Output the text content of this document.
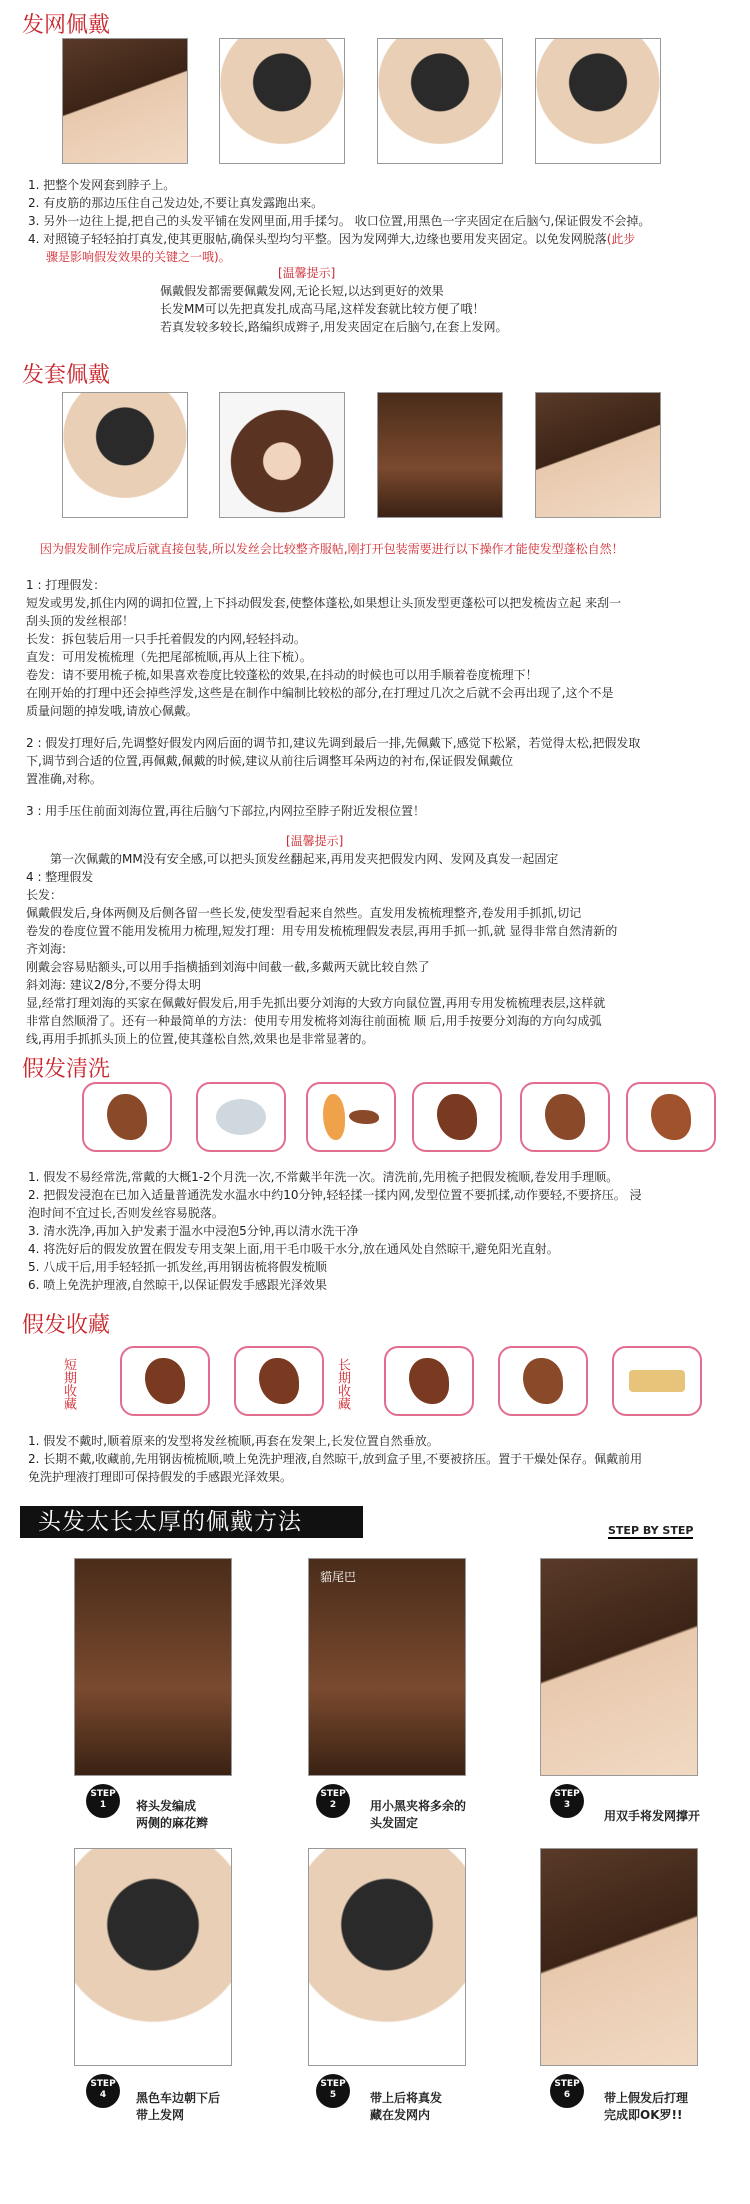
发网佩戴
1. 把整个发网套到脖子上。
2. 有皮筋的那边压住自己发边处,不要让真发露跑出来。
3. 另外一边往上提,把自己的头发平铺在发网里面,用手揉匀。 收口位置,用黑色一字夹固定在后脑勺,保证假发不会掉。
4. 对照镜子轻轻拍打真发,使其更服帖,确保头型均匀平整。因为发网弹大,边缘也要用发夹固定。以免发网脱落(此步
骤是影响假发效果的关键之一哦)。
[温馨提示]
佩戴假发都需要佩戴发网,无论长短,以达到更好的效果
长发MM可以先把真发扎成高马尾,这样发套就比较方便了哦！
若真发较多较长,路编织成辫子,用发夹固定在后脑勺,在套上发网。
发套佩戴
因为假发制作完成后就直接包装,所以发丝会比较整齐服帖,刚打开包装需要进行以下操作才能使发型蓬松自然！
1 : 打理假发：
短发或男发,抓住内网的调扣位置,上下抖动假发套,使整体蓬松,如果想让头顶发型更蓬松可以把发梳齿立起 来刮一
刮头顶的发丝根部！
长发：拆包装后用一只手托着假发的内网,轻轻抖动。
直发：可用发梳梳理（先把尾部梳顺,再从上往下梳）。
卷发：请不要用梳子梳,如果喜欢卷度比较蓬松的效果,在抖动的时候也可以用手顺着卷度梳理下！
在刚开始的打理中还会掉些浮发,这些是在制作中编制比较松的部分,在打理过几次之后就不会再出现了,这个不是
质量问题的掉发哦,请放心佩戴。
2 : 假发打理好后,先调整好假发内网后面的调节扣,建议先调到最后一排,先佩戴下,感觉下松紧，若觉得太松,把假发取
下,调节到合适的位置,再佩戴,佩戴的时候,建议从前往后调整耳朵两边的衬布,保证假发佩戴位
置准确,对称。
3 : 用手压住前面刘海位置,再往后脑勺下部拉,内网拉至脖子附近发根位置！
[温馨提示]
第一次佩戴的MM没有安全感,可以把头顶发丝翻起来,再用发夹把假发内网、发网及真发一起固定
4 : 整理假发
长发：
佩戴假发后,身体两侧及后侧各留一些长发,使发型看起来自然些。直发用发梳梳理整齐,卷发用手抓抓,切记
卷发的卷度位置不能用发梳用力梳理,短发打理：用专用发梳梳理假发表层,再用手抓一抓,就 显得非常自然清新的
齐刘海:
刚戴会容易贴额头,可以用手指横插到刘海中间截一截,多戴两天就比较自然了
斜刘海: 建议2/8分,不要分得太明
显,经常打理刘海的买家在佩戴好假发后,用手先抓出要分刘海的大致方向鼠位置,再用专用发梳梳理表层,这样就
非常自然顺滑了。还有一种最简单的方法：使用专用发梳将刘海往前面梳 顺 后,用手按要分刘海的方向勾成弧
线,再用手抓抓头顶上的位置,使其蓬松自然,效果也是非常显著的。
假发清洗
1. 假发不易经常洗,常戴的大概1-2个月洗一次,不常戴半年洗一次。清洗前,先用梳子把假发梳顺,卷发用手理顺。
2. 把假发浸泡在已加入适量普通洗发水温水中约10分钟,轻轻揉一揉内网,发型位置不要抓揉,动作要轻,不要挤压。 浸
泡时间不宜过长,否则发丝容易脱落。
3. 清水洗净,再加入护发素于温水中浸泡5分钟,再以清水洗干净
4. 将洗好后的假发放置在假发专用支架上面,用干毛巾吸干水分,放在通风处自然晾干,避免阳光直射。
5. 八成干后,用手轻轻抓一抓发丝,再用钢齿梳将假发梳顺
6. 喷上免洗护理液,自然晾干,以保证假发手感跟光泽效果
假发收藏
短期收藏	长期收藏
1. 假发不戴时,顺着原来的发型将发丝梳顺,再套在发架上,长发位置自然垂放。
2. 长期不戴,收藏前,先用钢齿梳梳顺,喷上免洗护理液,自然晾干,放到盒子里,不要被挤压。置于干燥处保存。佩戴前用
免洗护理液打理即可保持假发的手感跟光泽效果。
头发太长太厚的佩戴方法	STEP BY STEP
貓尾巴
STEP 1	将头发编成
两侧的麻花辫
STEP 2	用小黑夹将多余的
头发固定
STEP 3
用双手将发网撑开
STEP 4	黑色车边朝下后
带上发网
STEP 5	带上后将真发
藏在发网内
STEP 6	带上假发后打理
完成即OK罗!!
